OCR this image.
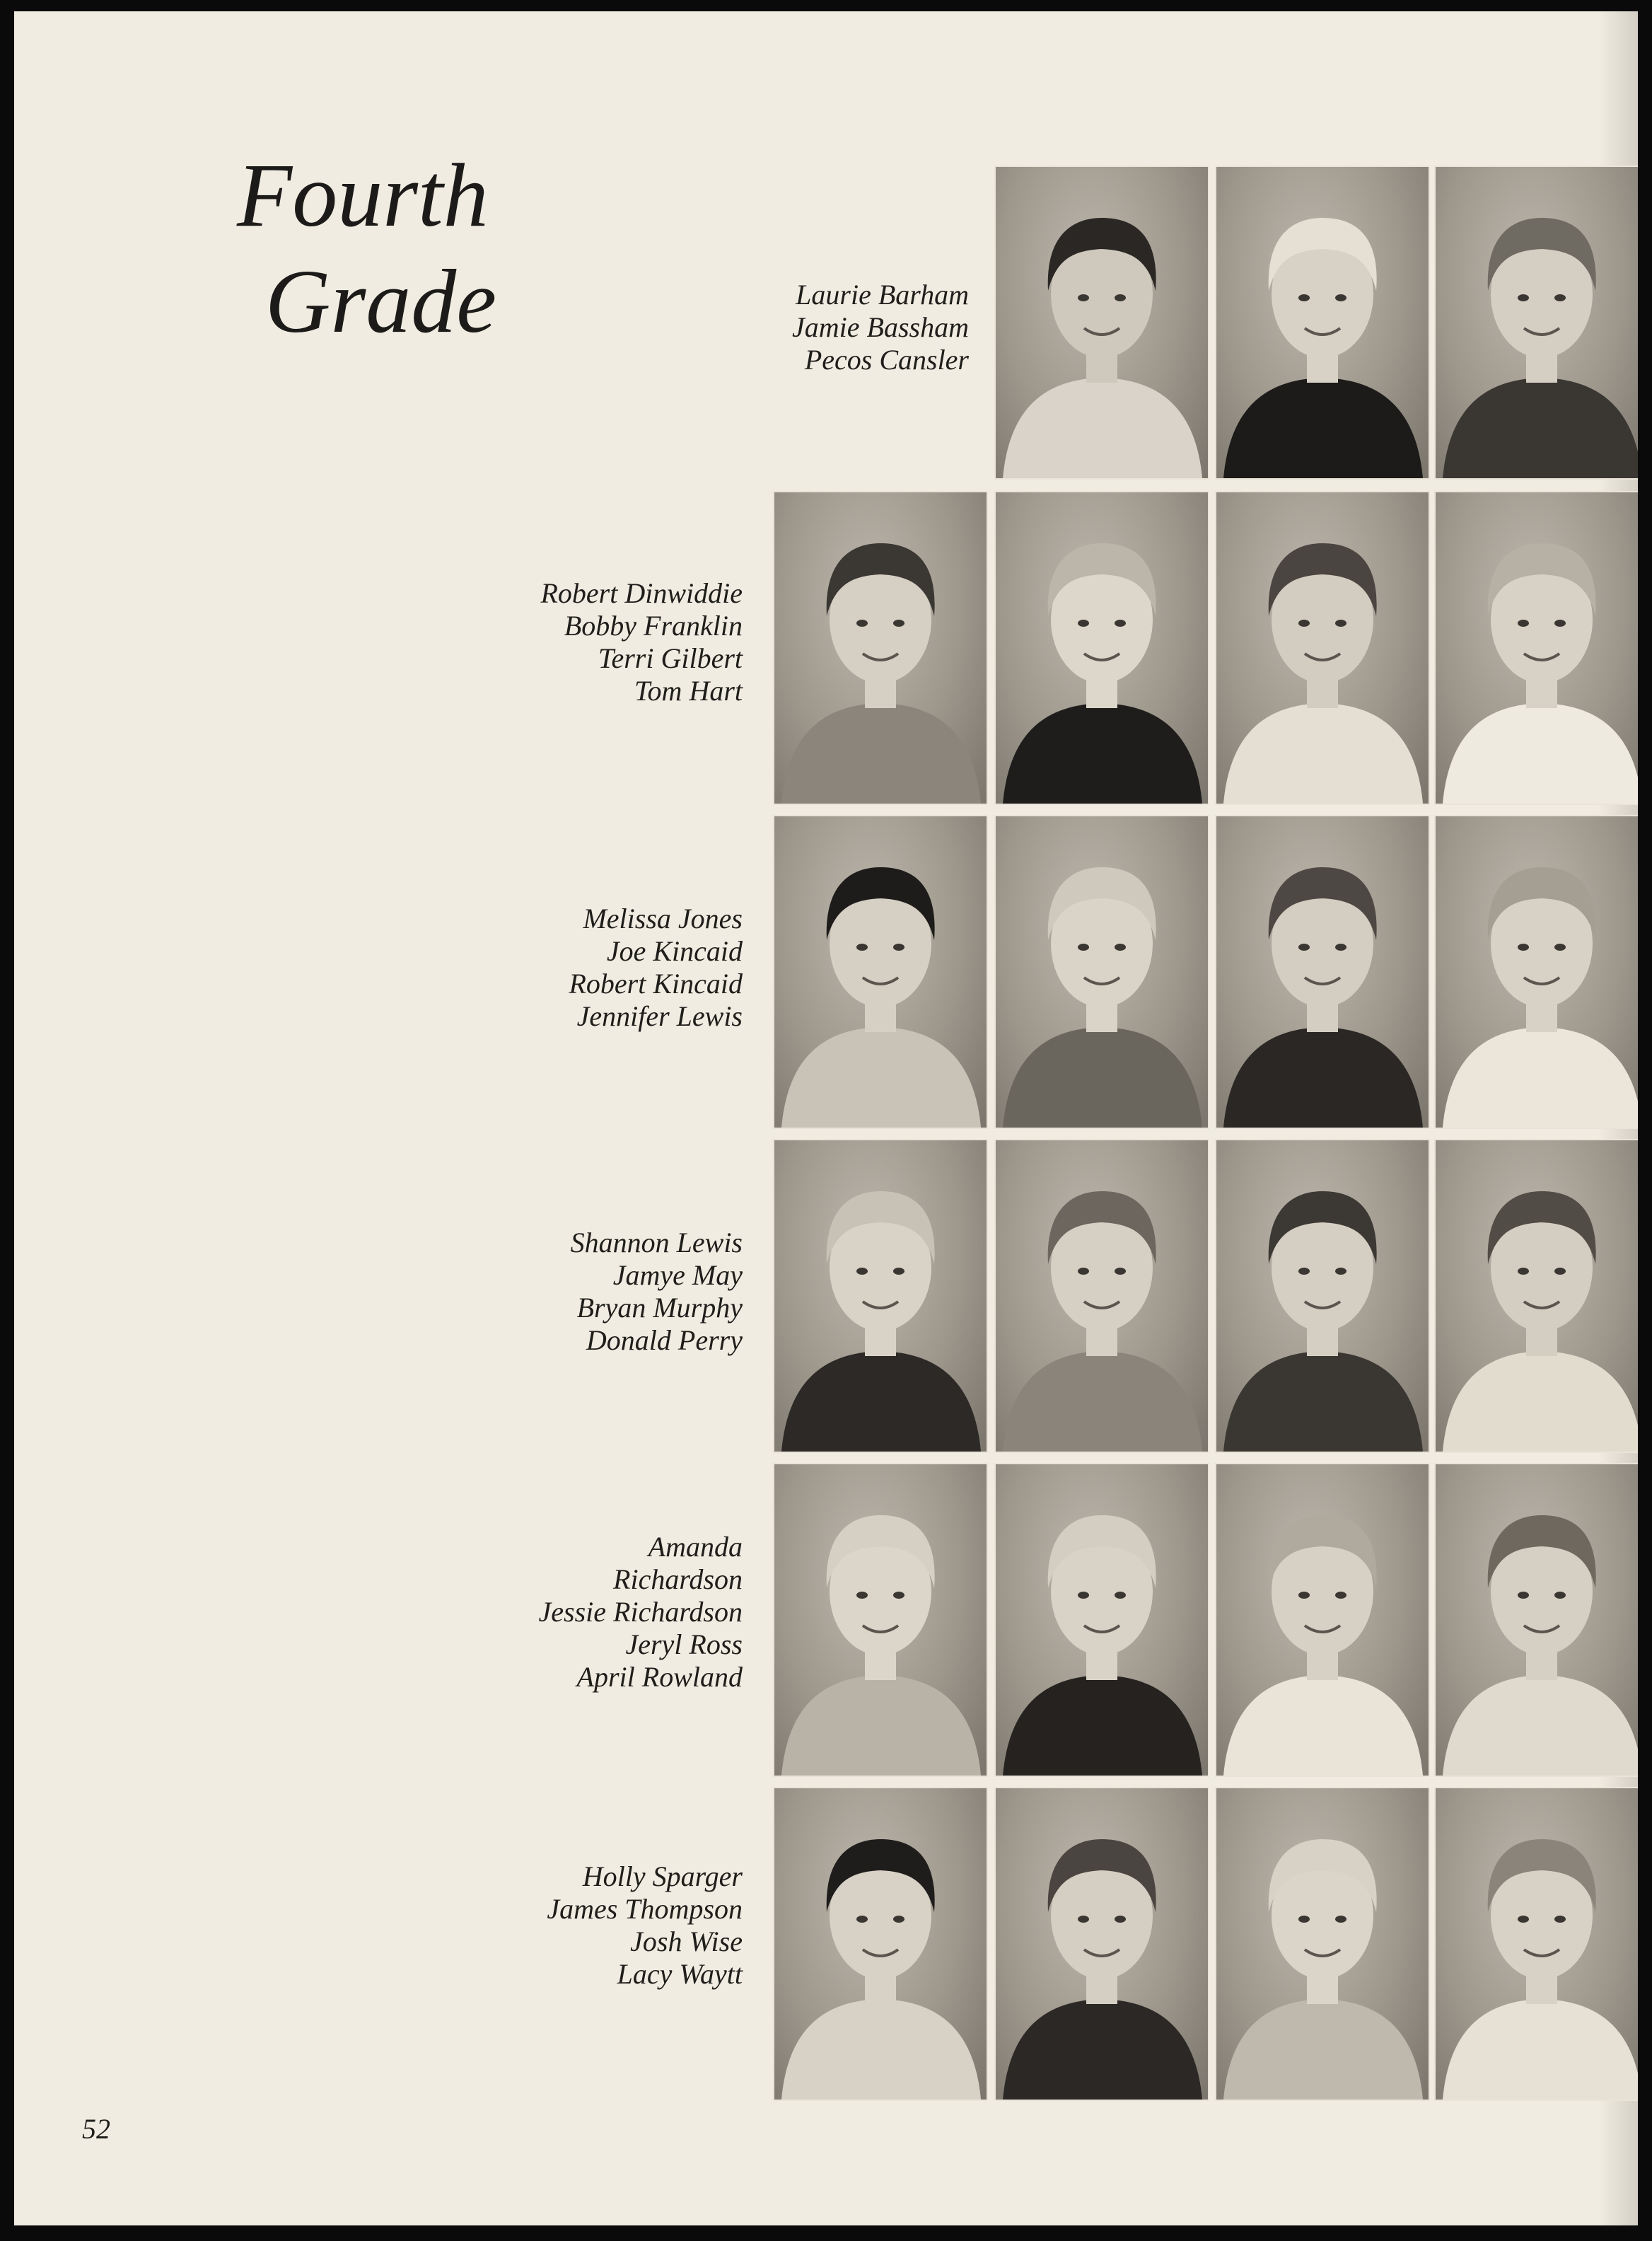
Fourth
Grade	Laurie Barham
Jamie Bassham
Pecos Cansler
Robert Dinwiddie
Bobby Franklin
Terri Gilbert
Tom Hart
Melissa Jones
Joe Kincaid
Robert Kincaid
Jennifer Lewis
Shannon Lewis
Jamye May
Bryan Murphy
Donald Perry
Amanda
Richardson
Jessie Richardson
Jeryl Ross
April Rowland
Holly Sparger
James Thompson
Josh Wise
Lacy Waytt
52
